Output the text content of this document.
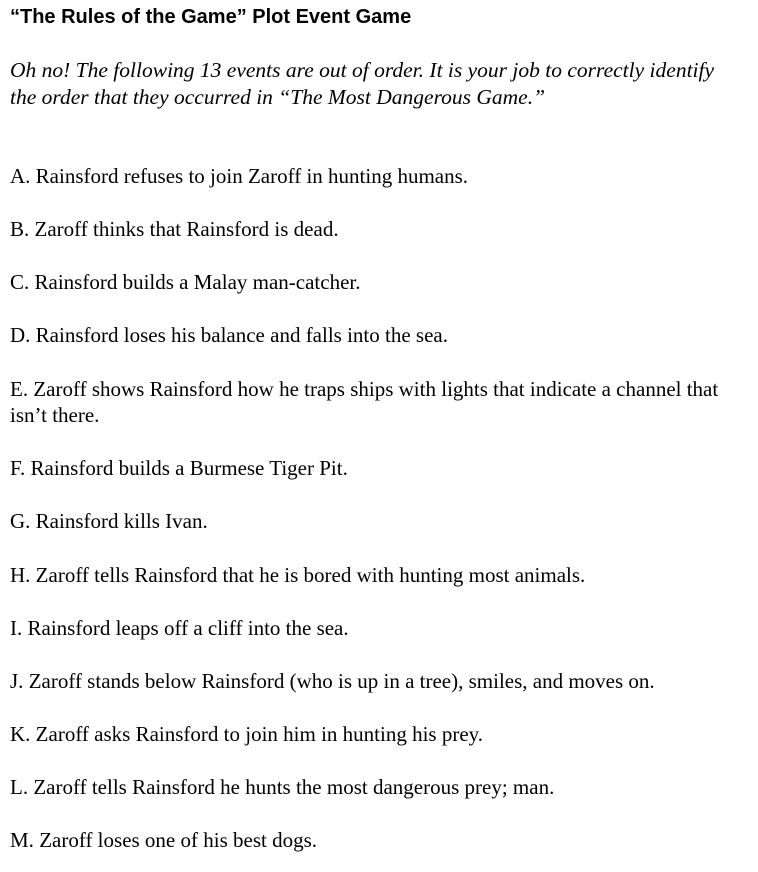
“The Rules of the Game” Plot Event Game
Oh no! The following 13 events are out of order. It is your job to correctly identify the order that they occurred in “The Most Dangerous Game.”
A. Rainsford refuses to join Zaroff in hunting humans.
B. Zaroff thinks that Rainsford is dead.
C. Rainsford builds a Malay man-catcher.
D. Rainsford loses his balance and falls into the sea.
E. Zaroff shows Rainsford how he traps ships with lights that indicate a channel that isn’t there.
F. Rainsford builds a Burmese Tiger Pit.
G. Rainsford kills Ivan.
H. Zaroff tells Rainsford that he is bored with hunting most animals.
I. Rainsford leaps off a cliff into the sea.
J. Zaroff stands below Rainsford (who is up in a tree), smiles, and moves on.
K. Zaroff asks Rainsford to join him in hunting his prey.
L. Zaroff tells Rainsford he hunts the most dangerous prey; man.
M. Zaroff loses one of his best dogs.
